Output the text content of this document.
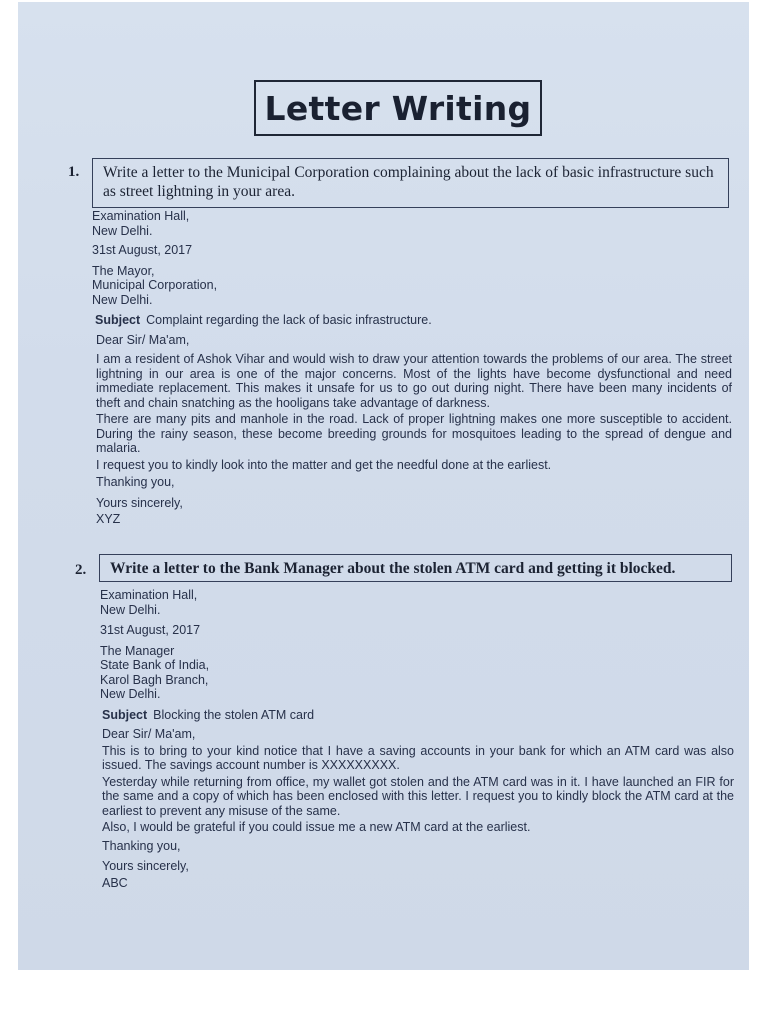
Letter Writing
1.	Write a letter to the Municipal Corporation complaining about the lack of basic infrastructure such as street lightning in your area.
Examination Hall,
New Delhi.
31st August, 2017
The Mayor,
Municipal Corporation,
New Delhi.
Subject Complaint regarding the lack of basic infrastructure.
Dear Sir/ Ma'am,
I am a resident of Ashok Vihar and would wish to draw your attention towards the problems of our area. The street lightning in our area is one of the major concerns. Most of the lights have become dysfunctional and need immediate replacement. This makes it unsafe for us to go out during night. There have been many incidents of theft and chain snatching as the hooligans take advantage of darkness.
There are many pits and manhole in the road. Lack of proper lightning makes one more susceptible to accident. During the rainy season, these become breeding grounds for mosquitoes leading to the spread of dengue and malaria.
I request you to kindly look into the matter and get the needful done at the earliest.
Thanking you,
Yours sincerely,
XYZ
2.	Write a letter to the Bank Manager about the stolen ATM card and getting it blocked.
Examination Hall,
New Delhi.
31st August, 2017
The Manager
State Bank of India,
Karol Bagh Branch,
New Delhi.
Subject Blocking the stolen ATM card
Dear Sir/ Ma'am,
This is to bring to your kind notice that I have a saving accounts in your bank for which an ATM card was also issued. The savings account number is XXXXXXXXX.
Yesterday while returning from office, my wallet got stolen and the ATM card was in it. I have launched an FIR for the same and a copy of which has been enclosed with this letter. I request you to kindly block the ATM card at the earliest to prevent any misuse of the same.
Also, I would be grateful if you could issue me a new ATM card at the earliest.
Thanking you,
Yours sincerely,
ABC
